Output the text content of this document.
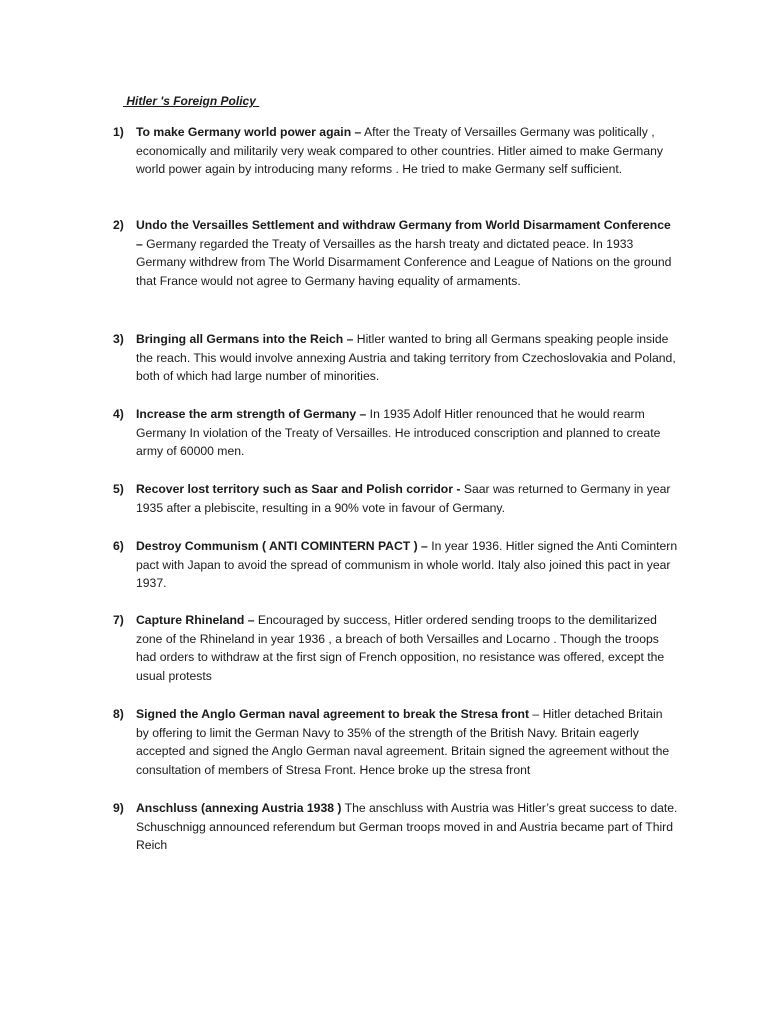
Hitler 's Foreign Policy
1) To make Germany world power again – After the Treaty of Versailles Germany was politically , economically and militarily very weak compared to other countries. Hitler aimed to make Germany world power again by introducing many reforms . He tried to make Germany self sufficient.
2) Undo the Versailles Settlement and withdraw Germany from World Disarmament Conference – Germany regarded the Treaty of Versailles as the harsh treaty and dictated peace. In 1933 Germany withdrew from The World Disarmament Conference and League of Nations on the ground that France would not agree to Germany having equality of armaments.
3) Bringing all Germans into the Reich – Hitler wanted to bring all Germans speaking people inside the reach. This would involve annexing Austria and taking territory from Czechoslovakia and Poland, both of which had large number of minorities.
4) Increase the arm strength of Germany – In 1935 Adolf Hitler renounced that he would rearm Germany In violation of the Treaty of Versailles. He introduced conscription and planned to create army of 60000 men.
5) Recover lost territory such as Saar and Polish corridor - Saar was returned to Germany in year 1935 after a plebiscite, resulting in a 90% vote in favour of Germany.
6) Destroy Communism ( ANTI COMINTERN PACT ) – In year 1936. Hitler signed the Anti Comintern pact with Japan to avoid the spread of communism in whole world. Italy also joined this pact in year 1937.
7) Capture Rhineland – Encouraged by success, Hitler ordered sending troops to the demilitarized zone of the Rhineland in year 1936 , a breach of both Versailles and Locarno . Though the troops had orders to withdraw at the first sign of French opposition, no resistance was offered, except the usual protests
8) Signed the Anglo German naval agreement to break the Stresa front – Hitler detached Britain by offering to limit the German Navy to 35% of the strength of the British Navy. Britain eagerly accepted and signed the Anglo German naval agreement. Britain signed the agreement without the consultation of members of Stresa Front. Hence broke up the stresa front
9) Anschluss (annexing Austria 1938 ) The anschluss with Austria was Hitler’s great success to date. Schuschnigg announced referendum but German troops moved in and Austria became part of Third Reich
